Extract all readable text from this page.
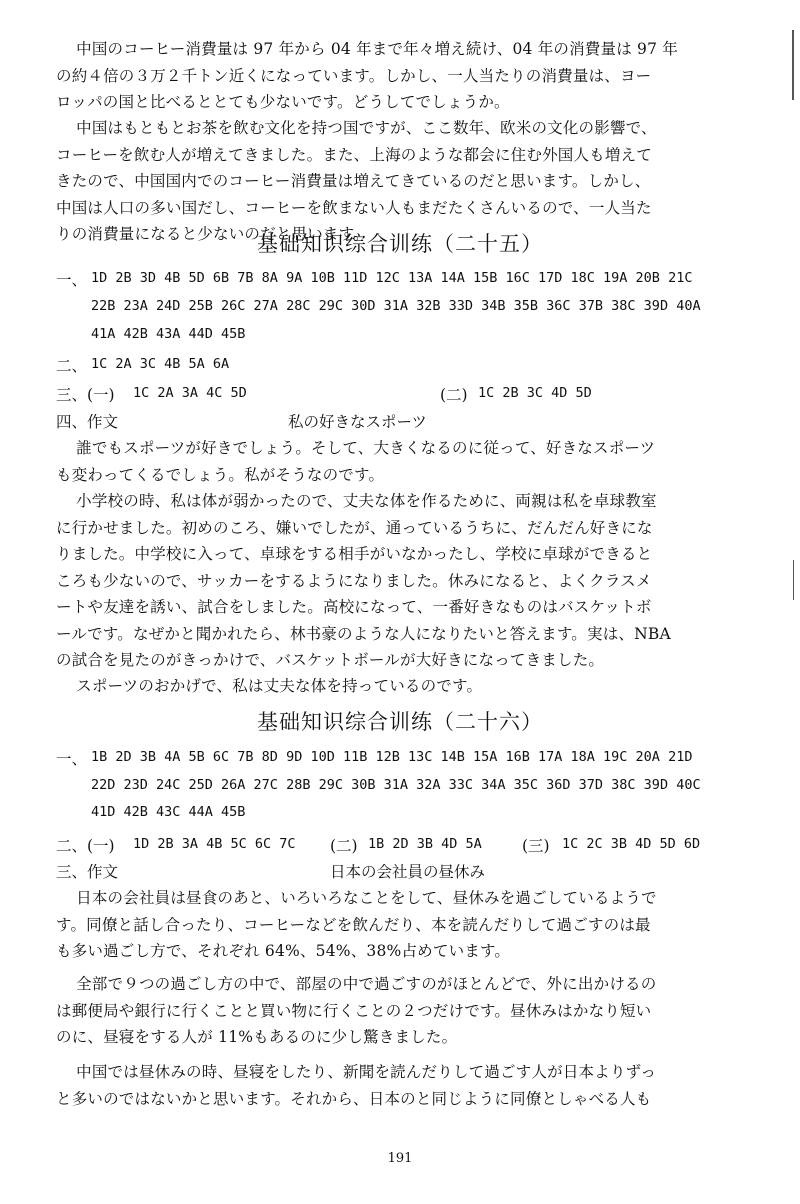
中国のコーヒー消費量は 97 年から 04 年まで年々増え続け、04 年の消費量は 97 年
の約４倍の３万２千トン近くになっています。しかし、一人当たりの消費量は、ヨー
ロッパの国と比べるととても少ないです。どうしてでしょうか。
中国はもともとお茶を飲む文化を持つ国ですが、ここ数年、欧米の文化の影響で、
コーヒーを飲む人が増えてきました。また、上海のような都会に住む外国人も増えて
きたので、中国国内でのコーヒー消費量は増えてきているのだと思います。しかし、
中国は人口の多い国だし、コーヒーを飲まない人もまだたくさんいるので、一人当た
りの消費量になると少ないのだと思います。
基础知识综合训练（二十五）
一、 1D 2B 3D 4B 5D 6B 7B 8A 9A 10B 11D 12C 13A 14A 15B 16C 17D 18C 19A 20B 21C
22B 23A 24D 25B 26C 27A 28C 29C 30D 31A 32B 33D 34B 35B 36C 37B 38C 39D 40A
41A 42B 43A 44D 45B
二、 1C 2A 3C 4B 5A 6A
三、(一) 1C 2A 3A 4C 5D	(二) 1C 2B 3C 4D 5D
四、作文	私の好きなスポーツ
誰でもスポーツが好きでしょう。そして、大きくなるのに従って、好きなスポーツ
も変わってくるでしょう。私がそうなのです。
小学校の時、私は体が弱かったので、丈夫な体を作るために、両親は私を卓球教室
に行かせました。初めのころ、嫌いでしたが、通っているうちに、だんだん好きにな
りました。中学校に入って、卓球をする相手がいなかったし、学校に卓球ができると
ころも少ないので、サッカーをするようになりました。休みになると、よくクラスメ
ートや友達を誘い、試合をしました。高校になって、一番好きなものはバスケットボ
ールです。なぜかと聞かれたら、林书豪のような人になりたいと答えます。実は、NBA
の試合を見たのがきっかけで、バスケットボールが大好きになってきました。
スポーツのおかげで、私は丈夫な体を持っているのです。
基础知识综合训练（二十六）
一、 1B 2D 3B 4A 5B 6C 7B 8D 9D 10D 11B 12B 13C 14B 15A 16B 17A 18A 19C 20A 21D
22D 23D 24C 25D 26A 27C 28B 29C 30B 31A 32A 33C 34A 35C 36D 37D 38C 39D 40C
41D 42B 43C 44A 45B
二、(一) 1D 2B 3A 4B 5C 6C 7C (二) 1B 2D 3B 4D 5A	(三) 1C 2C 3B 4D 5D 6D
三、作文	日本の会社員の昼休み
日本の会社員は昼食のあと、いろいろなことをして、昼休みを過ごしているようで
す。同僚と話し合ったり、コーヒーなどを飲んだり、本を読んだりして過ごすのは最
も多い過ごし方で、それぞれ 64%、54%、38%占めています。
全部で９つの過ごし方の中で、部屋の中で過ごすのがほとんどで、外に出かけるの
は郵便局や銀行に行くことと買い物に行くことの２つだけです。昼休みはかなり短い
のに、昼寝をする人が 11%もあるのに少し驚きました。
中国では昼休みの時、昼寝をしたり、新聞を読んだりして過ごす人が日本よりずっ
と多いのではないかと思います。それから、日本のと同じように同僚としゃべる人も
191
